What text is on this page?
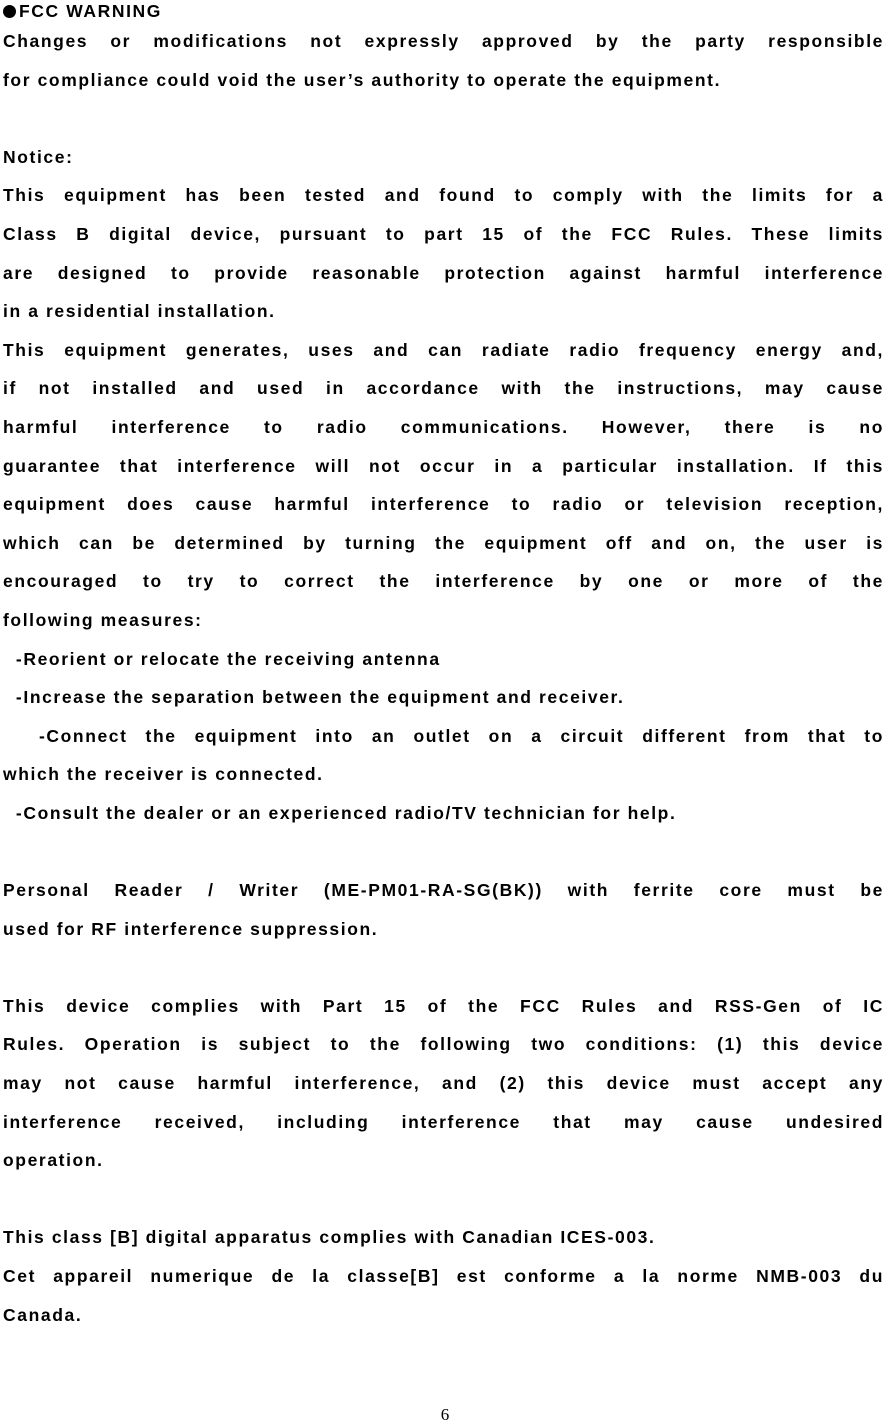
FCC WARNING
Changes or modifications not expressly approved by the party responsible
for compliance could void the user’s authority to operate the equipment.
Notice:
This equipment has been tested and found to comply with the limits for a
Class B digital device, pursuant to part 15 of the FCC Rules. These limits
are designed to provide reasonable protection against harmful interference
in a residential installation.
This equipment generates, uses and can radiate radio frequency energy and,
if not installed and used in accordance with the instructions, may cause
harmful interference to radio communications. However, there is no
guarantee that interference will not occur in a particular installation. If this
equipment does cause harmful interference to radio or television reception,
which can be determined by turning the equipment off and on, the user is
encouraged to try to correct the interference by one or more of the
following measures:
-Reorient or relocate the receiving antenna
-Increase the separation between the equipment and receiver.
-Connect the equipment into an outlet on a circuit different from that to
which the receiver is connected.
-Consult the dealer or an experienced radio/TV technician for help.
Personal Reader / Writer (ME-PM01-RA-SG(BK)) with ferrite core must be
used for RF interference suppression.
This device complies with Part 15 of the FCC Rules and RSS-Gen of IC
Rules. Operation is subject to the following two conditions: (1) this device
may not cause harmful interference, and (2) this device must accept any
interference received, including interference that may cause undesired
operation.
This class [B] digital apparatus complies with Canadian ICES-003.
Cet appareil numerique de la classe[B] est conforme a la norme NMB-003 du
Canada.
6
